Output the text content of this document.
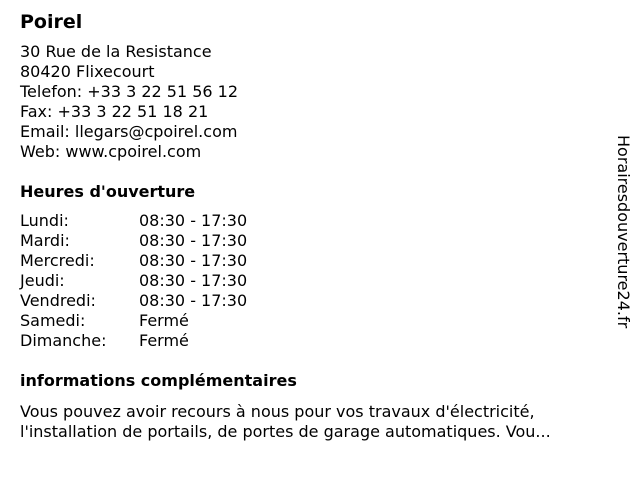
Poirel
30 Rue de la Resistance
80420 Flixecourt
Telefon: +33 3 22 51 56 12
Fax: +33 3 22 51 18 21
Email: llegars@cpoirel.com
Web: www.cpoirel.com
Heures d'ouverture
Lundi:	08:30 - 17:30
Mardi:	08:30 - 17:30
Mercredi:	08:30 - 17:30
Jeudi:	08:30 - 17:30
Vendredi:	08:30 - 17:30
Samedi:	Fermé
Dimanche:	Fermé
informations complémentaires
Vous pouvez avoir recours à nous pour vos travaux d'électricité, l'installation de portails, de portes de garage automatiques. Vou...
Horairesdouverture24.fr
